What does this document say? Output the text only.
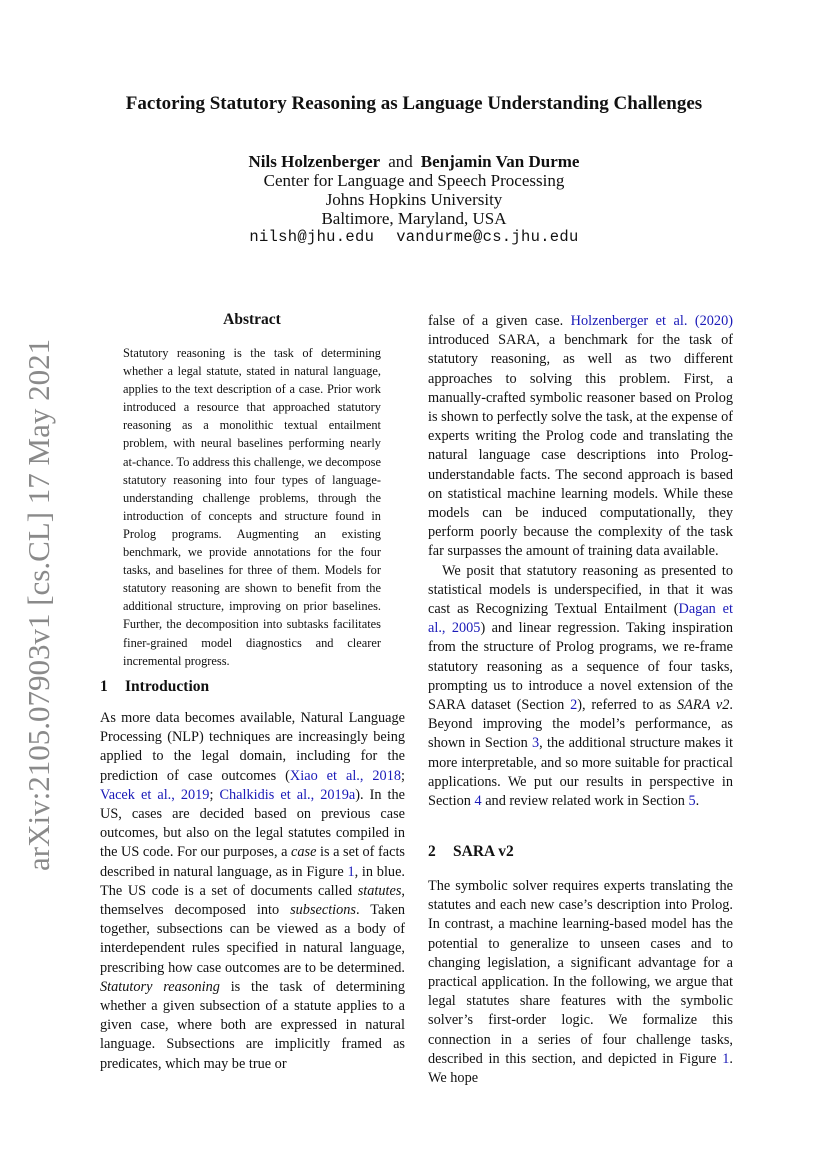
Factoring Statutory Reasoning as Language Understanding Challenges
Nils Holzenberger and Benjamin Van Durme
Center for Language and Speech Processing
Johns Hopkins University
Baltimore, Maryland, USA
nilsh@jhu.edu vandurme@cs.jhu.edu
arXiv:2105.07903v1 [cs.CL] 17 May 2021
Abstract
Statutory reasoning is the task of determining whether a legal statute, stated in natural language, applies to the text description of a case. Prior work introduced a resource that approached statutory reasoning as a monolithic textual entailment problem, with neural baselines performing nearly at-chance. To address this challenge, we decompose statutory reasoning into four types of language-understanding challenge problems, through the introduction of concepts and structure found in Prolog programs. Augmenting an existing benchmark, we provide annotations for the four tasks, and baselines for three of them. Models for statutory reasoning are shown to benefit from the additional structure, improving on prior baselines. Further, the decomposition into subtasks facilitates finer-grained model diagnostics and clearer incremental progress.
1 Introduction

As more data becomes available, Natural Language Processing (NLP) techniques are increasingly being applied to the legal domain, including for the prediction of case outcomes (Xiao et al., 2018; Vacek et al., 2019; Chalkidis et al., 2019a). In the US, cases are decided based on previous case outcomes, but also on the legal statutes compiled in the US code. For our purposes, a case is a set of facts described in natural language, as in Figure 1, in blue. The US code is a set of documents called statutes, themselves decomposed into subsections. Taken together, subsections can be viewed as a body of interdependent rules specified in natural language, prescribing how case outcomes are to be determined. Statutory reasoning is the task of determining whether a given subsection of a statute applies to a given case, where both are expressed in natural language. Subsections are implicitly framed as predicates, which may be true or

false of a given case. Holzenberger et al. (2020) introduced SARA, a benchmark for the task of statutory reasoning, as well as two different approaches to solving this problem. First, a manually-crafted symbolic reasoner based on Prolog is shown to perfectly solve the task, at the expense of experts writing the Prolog code and translating the natural language case descriptions into Prolog-understandable facts. The second approach is based on statistical machine learning models. While these models can be induced computationally, they perform poorly because the complexity of the task far surpasses the amount of training data available.

We posit that statutory reasoning as presented to statistical models is underspecified, in that it was cast as Recognizing Textual Entailment (Dagan et al., 2005) and linear regression. Taking inspiration from the structure of Prolog programs, we re-frame statutory reasoning as a sequence of four tasks, prompting us to introduce a novel extension of the SARA dataset (Section 2), referred to as SARA v2. Beyond improving the model’s performance, as shown in Section 3, the additional structure makes it more interpretable, and so more suitable for practical applications. We put our results in perspective in Section 4 and review related work in Section 5.

2 SARA v2

The symbolic solver requires experts translating the statutes and each new case’s description into Prolog. In contrast, a machine learning-based model has the potential to generalize to unseen cases and to changing legislation, a significant advantage for a practical application. In the following, we argue that legal statutes share features with the symbolic solver’s first-order logic. We formalize this connection in a series of four challenge tasks, described in this section, and depicted in Figure 1. We hope
